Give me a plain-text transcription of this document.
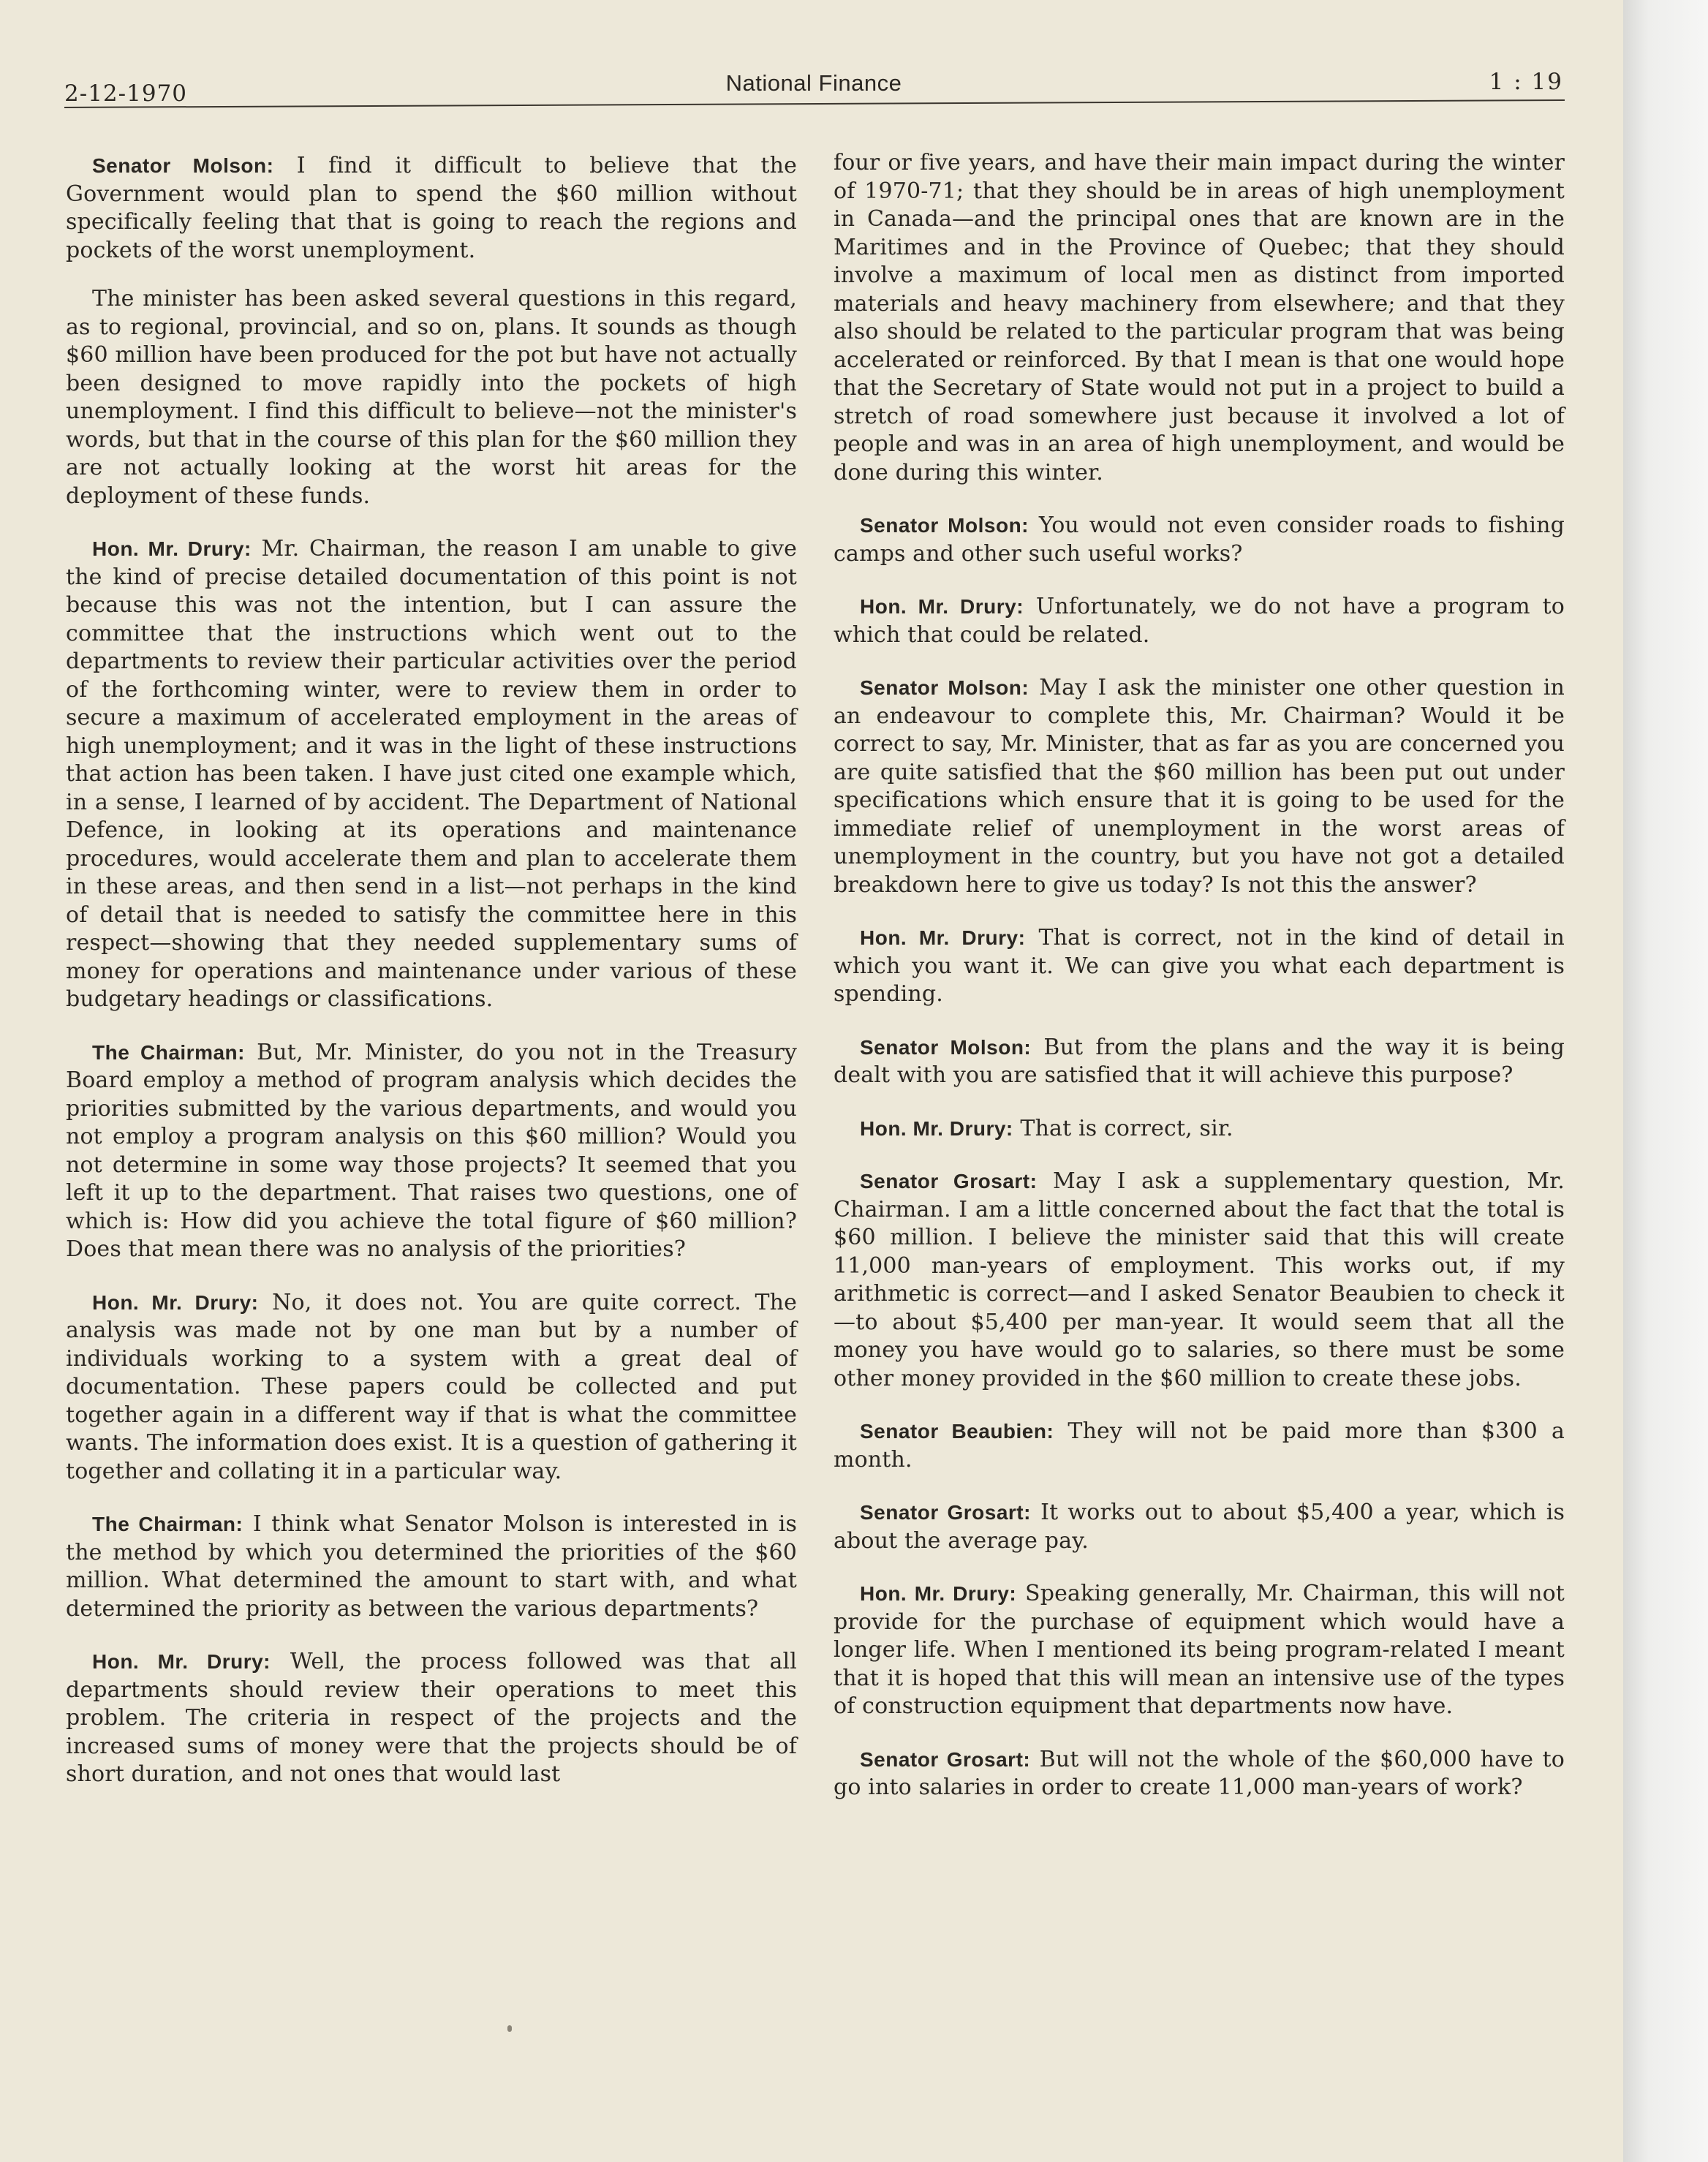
2-12-1970	National Finance	1 : 19

Senator Molson: I find it difficult to believe that the Government would plan to spend the $60 million without specifically feeling that that is going to reach the regions and pockets of the worst unemployment.

The minister has been asked several questions in this regard, as to regional, provincial, and so on, plans. It sounds as though $60 million have been produced for the pot but have not actually been designed to move rapidly into the pockets of high unemployment. I find this difficult to believe—not the minister's words, but that in the course of this plan for the $60 million they are not actually looking at the worst hit areas for the deployment of these funds.

Hon. Mr. Drury: Mr. Chairman, the reason I am unable to give the kind of precise detailed documentation of this point is not because this was not the intention, but I can assure the committee that the instructions which went out to the departments to review their particular activities over the period of the forthcoming winter, were to review them in order to secure a maximum of accelerated employment in the areas of high unemployment; and it was in the light of these instructions that action has been taken. I have just cited one example which, in a sense, I learned of by accident. The Department of National Defence, in looking at its operations and maintenance procedures, would accelerate them and plan to accelerate them in these areas, and then send in a list—not perhaps in the kind of detail that is needed to satisfy the committee here in this respect—showing that they needed supplementary sums of money for operations and maintenance under various of these budgetary headings or classifications.

The Chairman: But, Mr. Minister, do you not in the Treasury Board employ a method of program analysis which decides the priorities submitted by the various departments, and would you not employ a program analysis on this $60 million? Would you not determine in some way those projects? It seemed that you left it up to the department. That raises two questions, one of which is: How did you achieve the total figure of $60 million? Does that mean there was no analysis of the priorities?

Hon. Mr. Drury: No, it does not. You are quite correct. The analysis was made not by one man but by a number of individuals working to a system with a great deal of documentation. These papers could be collected and put together again in a different way if that is what the committee wants. The information does exist. It is a question of gathering it together and collating it in a particular way.

The Chairman: I think what Senator Molson is interested in is the method by which you determined the priorities of the $60 million. What determined the amount to start with, and what determined the priority as between the various departments?

Hon. Mr. Drury: Well, the process followed was that all departments should review their operations to meet this problem. The criteria in respect of the projects and the increased sums of money were that the projects should be of short duration, and not ones that would last

four or five years, and have their main impact during the winter of 1970-71; that they should be in areas of high unemployment in Canada—and the principal ones that are known are in the Maritimes and in the Province of Quebec; that they should involve a maximum of local men as distinct from imported materials and heavy machinery from elsewhere; and that they also should be related to the particular program that was being accelerated or reinforced. By that I mean is that one would hope that the Secretary of State would not put in a project to build a stretch of road somewhere just because it involved a lot of people and was in an area of high unemployment, and would be done during this winter.

Senator Molson: You would not even consider roads to fishing camps and other such useful works?

Hon. Mr. Drury: Unfortunately, we do not have a program to which that could be related.

Senator Molson: May I ask the minister one other question in an endeavour to complete this, Mr. Chairman? Would it be correct to say, Mr. Minister, that as far as you are concerned you are quite satisfied that the $60 million has been put out under specifications which ensure that it is going to be used for the immediate relief of unemployment in the worst areas of unemployment in the country, but you have not got a detailed breakdown here to give us today? Is not this the answer?

Hon. Mr. Drury: That is correct, not in the kind of detail in which you want it. We can give you what each department is spending.

Senator Molson: But from the plans and the way it is being dealt with you are satisfied that it will achieve this purpose?

Hon. Mr. Drury: That is correct, sir.

Senator Grosart: May I ask a supplementary question, Mr. Chairman. I am a little concerned about the fact that the total is $60 million. I believe the minister said that this will create 11,000 man-years of employment. This works out, if my arithmetic is correct—and I asked Senator Beaubien to check it—to about $5,400 per man-year. It would seem that all the money you have would go to salaries, so there must be some other money provided in the $60 million to create these jobs.

Senator Beaubien: They will not be paid more than $300 a month.

Senator Grosart: It works out to about $5,400 a year, which is about the average pay.

Hon. Mr. Drury: Speaking generally, Mr. Chairman, this will not provide for the purchase of equipment which would have a longer life. When I mentioned its being program-related I meant that it is hoped that this will mean an intensive use of the types of construction equipment that departments now have.

Senator Grosart: But will not the whole of the $60,000 have to go into salaries in order to create 11,000 man-years of work?
